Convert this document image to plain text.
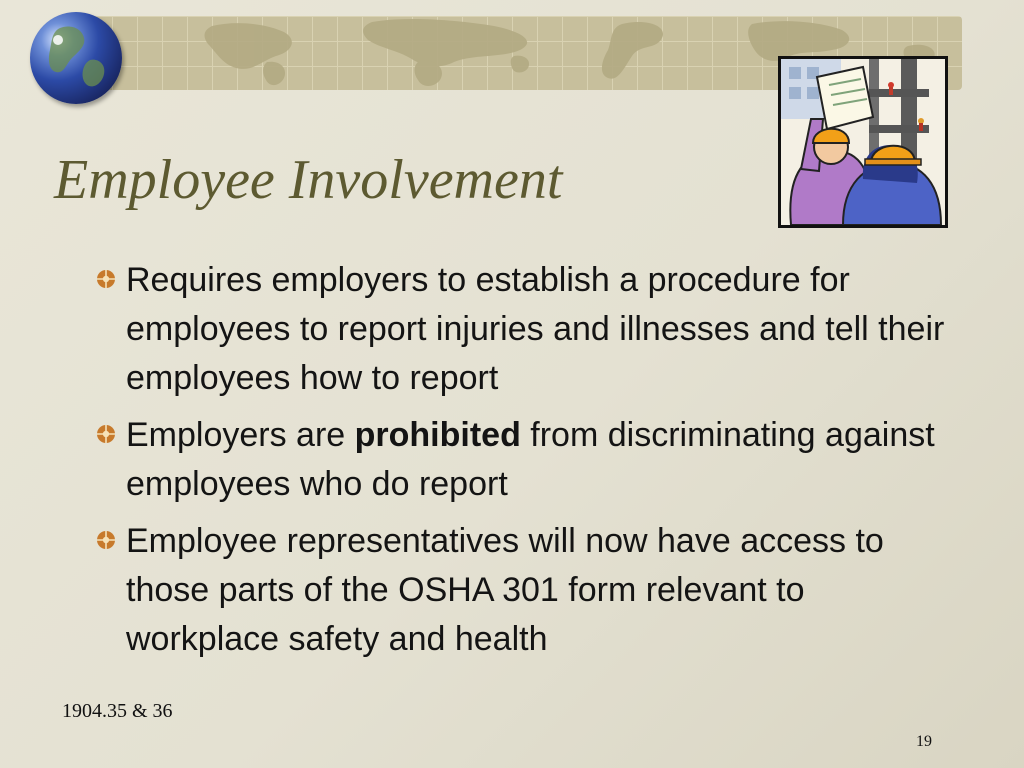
Employee Involvement
Requires employers to establish a procedure for employees to report injuries and illnesses and tell their employees how to report
Employers are prohibited from discriminating against employees who do report
Employee representatives will now have access to those parts of the OSHA 301 form relevant to workplace safety and health
1904.35 & 36
19
